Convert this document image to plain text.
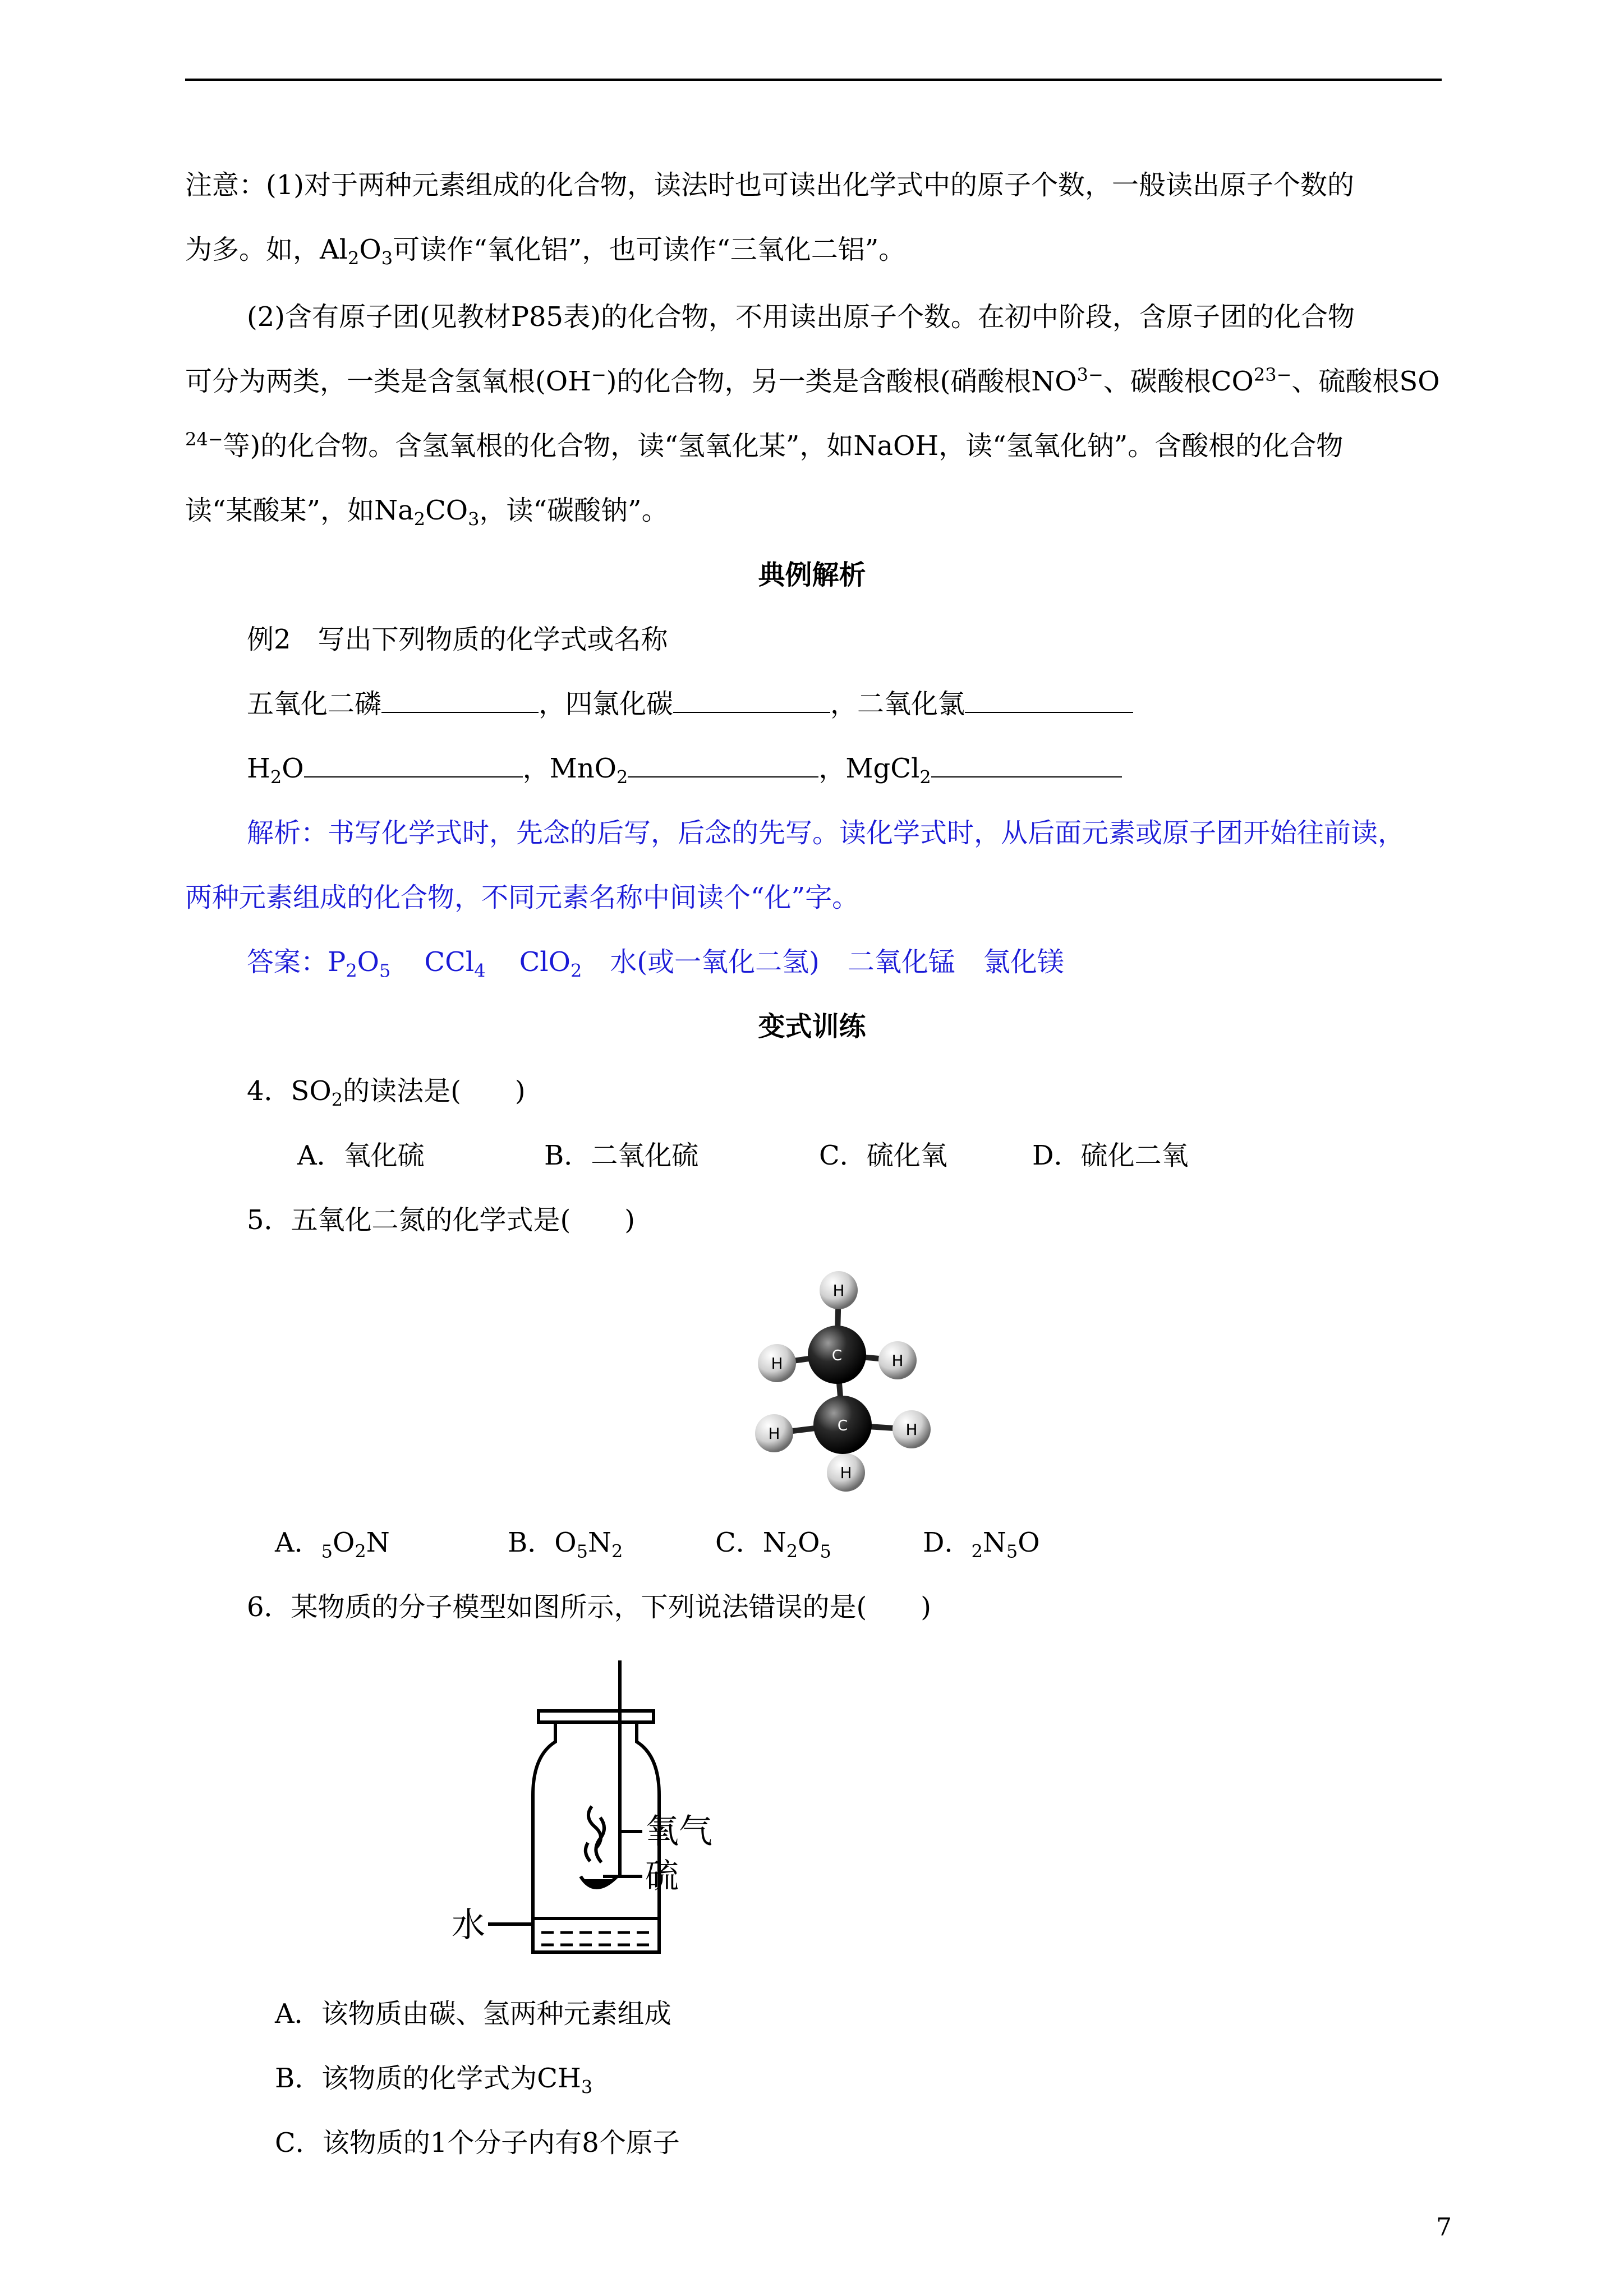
注意：(1)对于两种元素组成的化合物，读法时也可读出化学式中的原子个数，一般读出原子个数的
为多。如，$Al_2O_3$可读作“氧化铝”，也可读作“三氧化二铝”。
(2)含有原子团(见教材P85表)的化合物，不用读出原子个数。在初中阶段，含原子团的化合物
可分为两类，一类是含氢氧根(OH−)的化合物，另一类是含酸根(硝酸根$NO^{3-}$、碳酸根$CO^{23-}$、硫酸根SO
$^{24-}$等)的化合物。含氢氧根的化合物，读“氢氧化某”，如NaOH，读“氢氧化钠”。含酸根的化合物
读“某酸某”，如$Na_2CO_3$，读“碳酸钠”。
典例解析
例2　写出下列物质的化学式或名称
五氧化二磷	，四氯化碳	，二氧化氯
$H_2O$	，MnO$_2$	，MgCl$_2$
解析：书写化学式时，先念的后写，后念的先写。读化学式时，从后面元素或原子团开始往前读，
两种元素组成的化合物，不同元素名称中间读个“化”字。
答案：$P_2O_5$ CCl$_4$ ClO$_2$ 水(或一氧化二氢) 二氧化锰 氯化镁
变式训练
4．$SO_2$的读法是(　　)
A．氧化硫	B．二氧化硫	C．硫化氧	D．硫化二氧
5．五氧化二氮的化学式是(　　)
H
H	H
H	H
H
C
C
A．$_5O_2N$	B．$O_5N_2$	C．$N_2O_5$	D．$_2N_5O$
6．某物质的分子模型如图所示，下列说法错误的是(　　)
氧气
硫
水
A．该物质由碳、氢两种元素组成
B．该物质的化学式为$CH_3$
C．该物质的1个分子内有8个原子
7
